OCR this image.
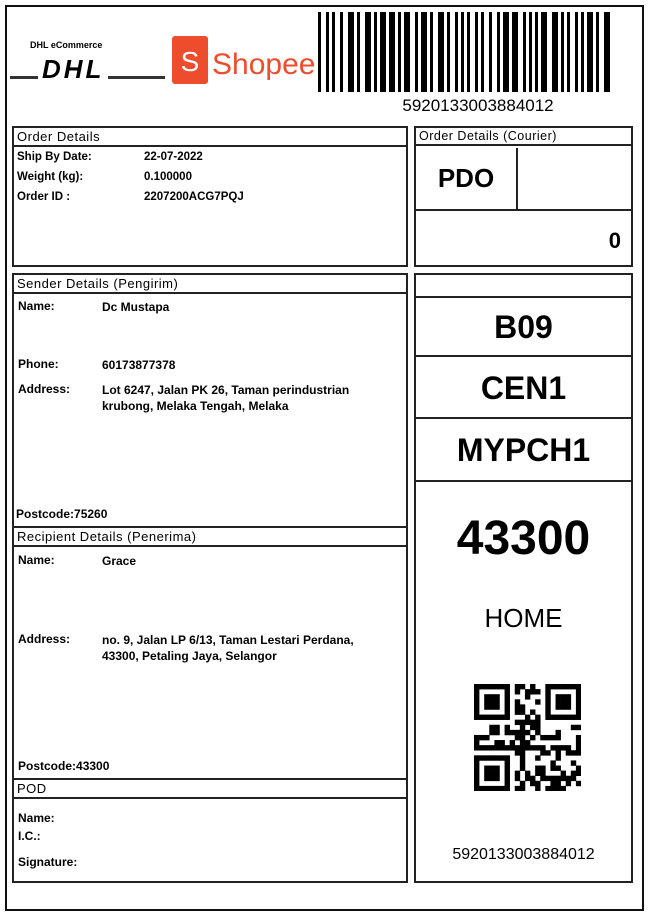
DHL eCommerce
DHL	S Shopee
5920133003884012
Order Details
Ship By Date:	22-07-2022
Weight (kg):	0.100000
Order ID :	2207200ACG7PQJ
Order Details (Courier)
PDO
0
Sender Details (Pengirim)
Name:	Dc Mustapa
Phone:	60173877378
Address:	Lot 6247, Jalan PK 26, Taman perindustrian krubong, Melaka Tengah, Melaka
Postcode:75260
Recipient Details (Penerima)
Name:	Grace
Address:	no. 9, Jalan LP 6/13, Taman Lestari Perdana, 43300, Petaling Jaya, Selangor
Postcode:43300
POD
Name:
I.C.:
Signature:
B09
CEN1
MYPCH1
43300
HOME
5920133003884012
